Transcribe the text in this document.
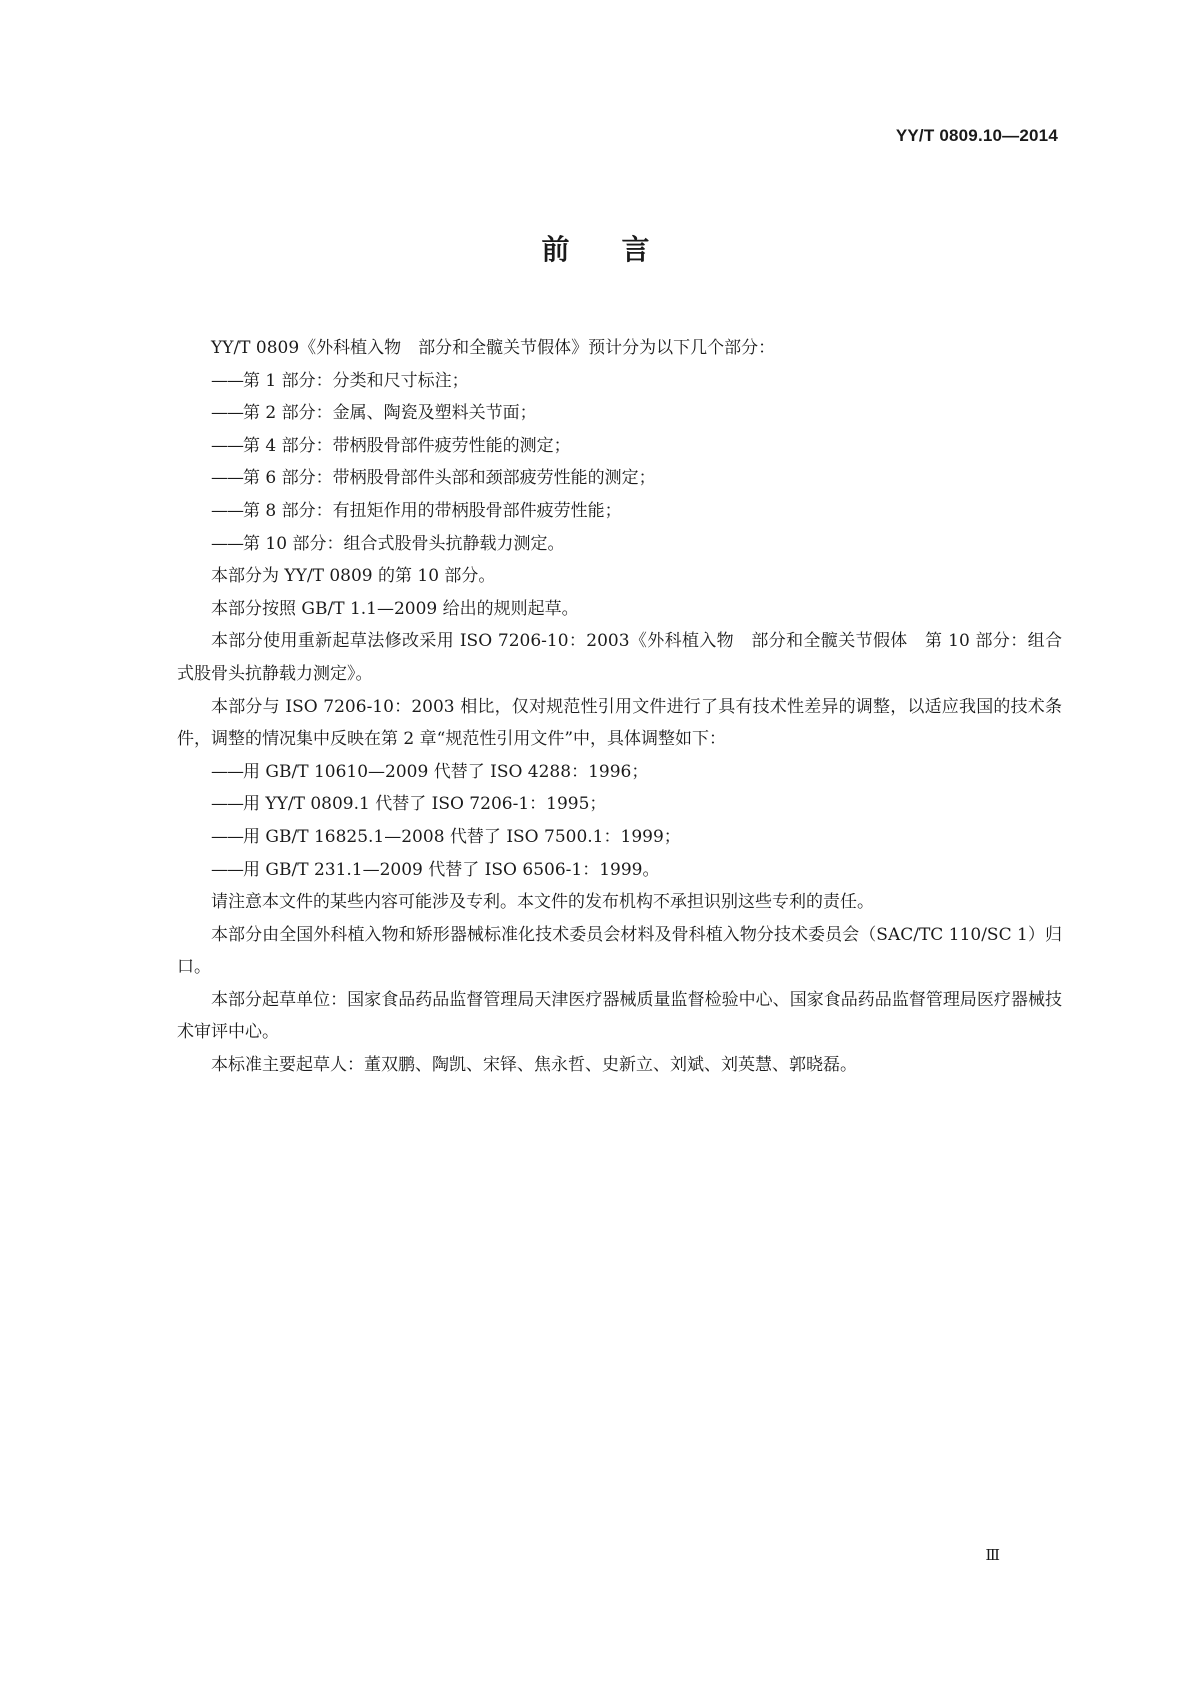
YY/T 0809.10—2014
前 言

YY/T 0809《外科植入物　部分和全髋关节假体》预计分为以下几个部分：

——第 1 部分：分类和尺寸标注；

——第 2 部分：金属、陶瓷及塑料关节面；

——第 4 部分：带柄股骨部件疲劳性能的测定；

——第 6 部分：带柄股骨部件头部和颈部疲劳性能的测定；

——第 8 部分：有扭矩作用的带柄股骨部件疲劳性能；

——第 10 部分：组合式股骨头抗静载力测定。

本部分为 YY/T 0809 的第 10 部分。

本部分按照 GB/T 1.1—2009 给出的规则起草。

本部分使用重新起草法修改采用 ISO 7206-10：2003《外科植入物　部分和全髋关节假体　第 10 部分：组合式股骨头抗静载力测定》。

本部分与 ISO 7206-10：2003 相比，仅对规范性引用文件进行了具有技术性差异的调整，以适应我国的技术条件，调整的情况集中反映在第 2 章“规范性引用文件”中，具体调整如下：

——用 GB/T 10610—2009 代替了 ISO 4288：1996；

——用 YY/T 0809.1 代替了 ISO 7206-1：1995；

——用 GB/T 16825.1—2008 代替了 ISO 7500.1：1999；

——用 GB/T 231.1—2009 代替了 ISO 6506-1：1999。

请注意本文件的某些内容可能涉及专利。本文件的发布机构不承担识别这些专利的责任。

本部分由全国外科植入物和矫形器械标准化技术委员会材料及骨科植入物分技术委员会（SAC/TC 110/SC 1）归口。

本部分起草单位：国家食品药品监督管理局天津医疗器械质量监督检验中心、国家食品药品监督管理局医疗器械技术审评中心。

本标准主要起草人：董双鹏、陶凯、宋铎、焦永哲、史新立、刘斌、刘英慧、郭晓磊。

Ⅲ
